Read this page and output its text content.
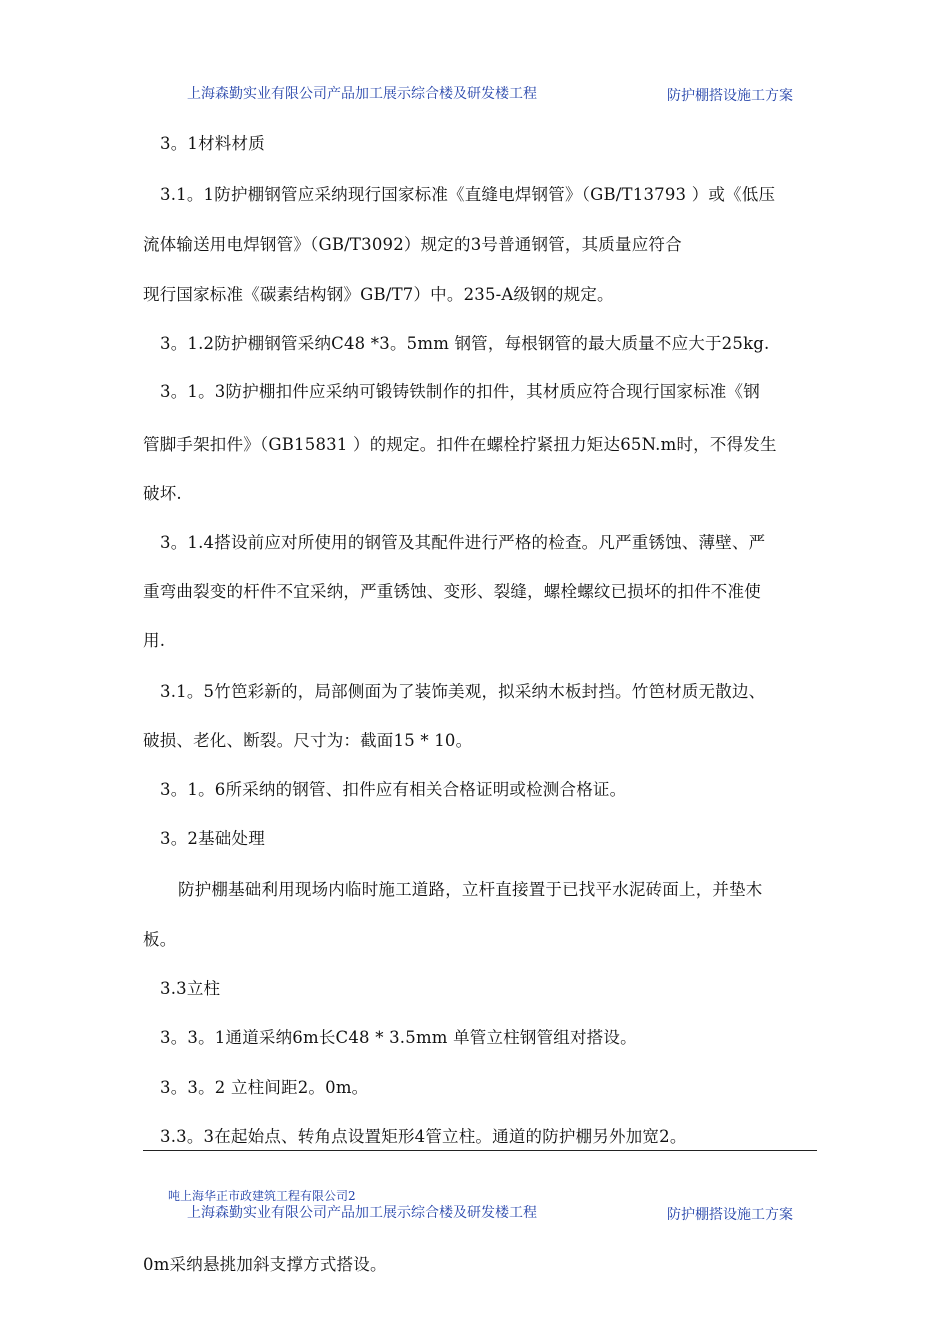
上海森勤实业有限公司产品加工展示综合楼及研发楼工程	防护棚搭设施工方案
3。1材料材质
3.1。1防护棚钢管应采纳现行国家标准《直缝电焊钢管》（GB/T13793 ）或《低压
流体输送用电焊钢管》（GB/T3092）规定的3号普通钢管，其质量应符合
现行国家标准《碳素结构钢》GB/T7）中。235-A级钢的规定。
3。1.2防护棚钢管采纳C48 *3。5mm 钢管，每根钢管的最大质量不应大于25kg.
3。1。3防护棚扣件应采纳可锻铸铁制作的扣件，其材质应符合现行国家标准《钢
管脚手架扣件》（GB15831 ）的规定。扣件在螺栓拧紧扭力矩达65N.m时，不得发生
破坏.
3。1.4搭设前应对所使用的钢管及其配件进行严格的检查。凡严重锈蚀、薄壁、严
重弯曲裂变的杆件不宜采纳，严重锈蚀、变形、裂缝，螺栓螺纹已损坏的扣件不准使
用.
3.1。5竹笆彩新的，局部侧面为了装饰美观，拟采纳木板封挡。竹笆材质无散边、
破损、老化、断裂。尺寸为：截面15 * 10。
3。1。6所采纳的钢管、扣件应有相关合格证明或检测合格证。
3。2基础处理
防护棚基础利用现场内临时施工道路，立杆直接置于已找平水泥砖面上，并垫木
板。
3.3立柱
3。3。1通道采纳6m长C48 * 3.5mm 单管立柱钢管组对搭设。
3。3。2 立柱间距2。0m。
3.3。3在起始点、转角点设置矩形4管立柱。通道的防护棚另外加宽2。
吨上海华正市政建筑工程有限公司2
上海森勤实业有限公司产品加工展示综合楼及研发楼工程	防护棚搭设施工方案
0m采纳悬挑加斜支撑方式搭设。
